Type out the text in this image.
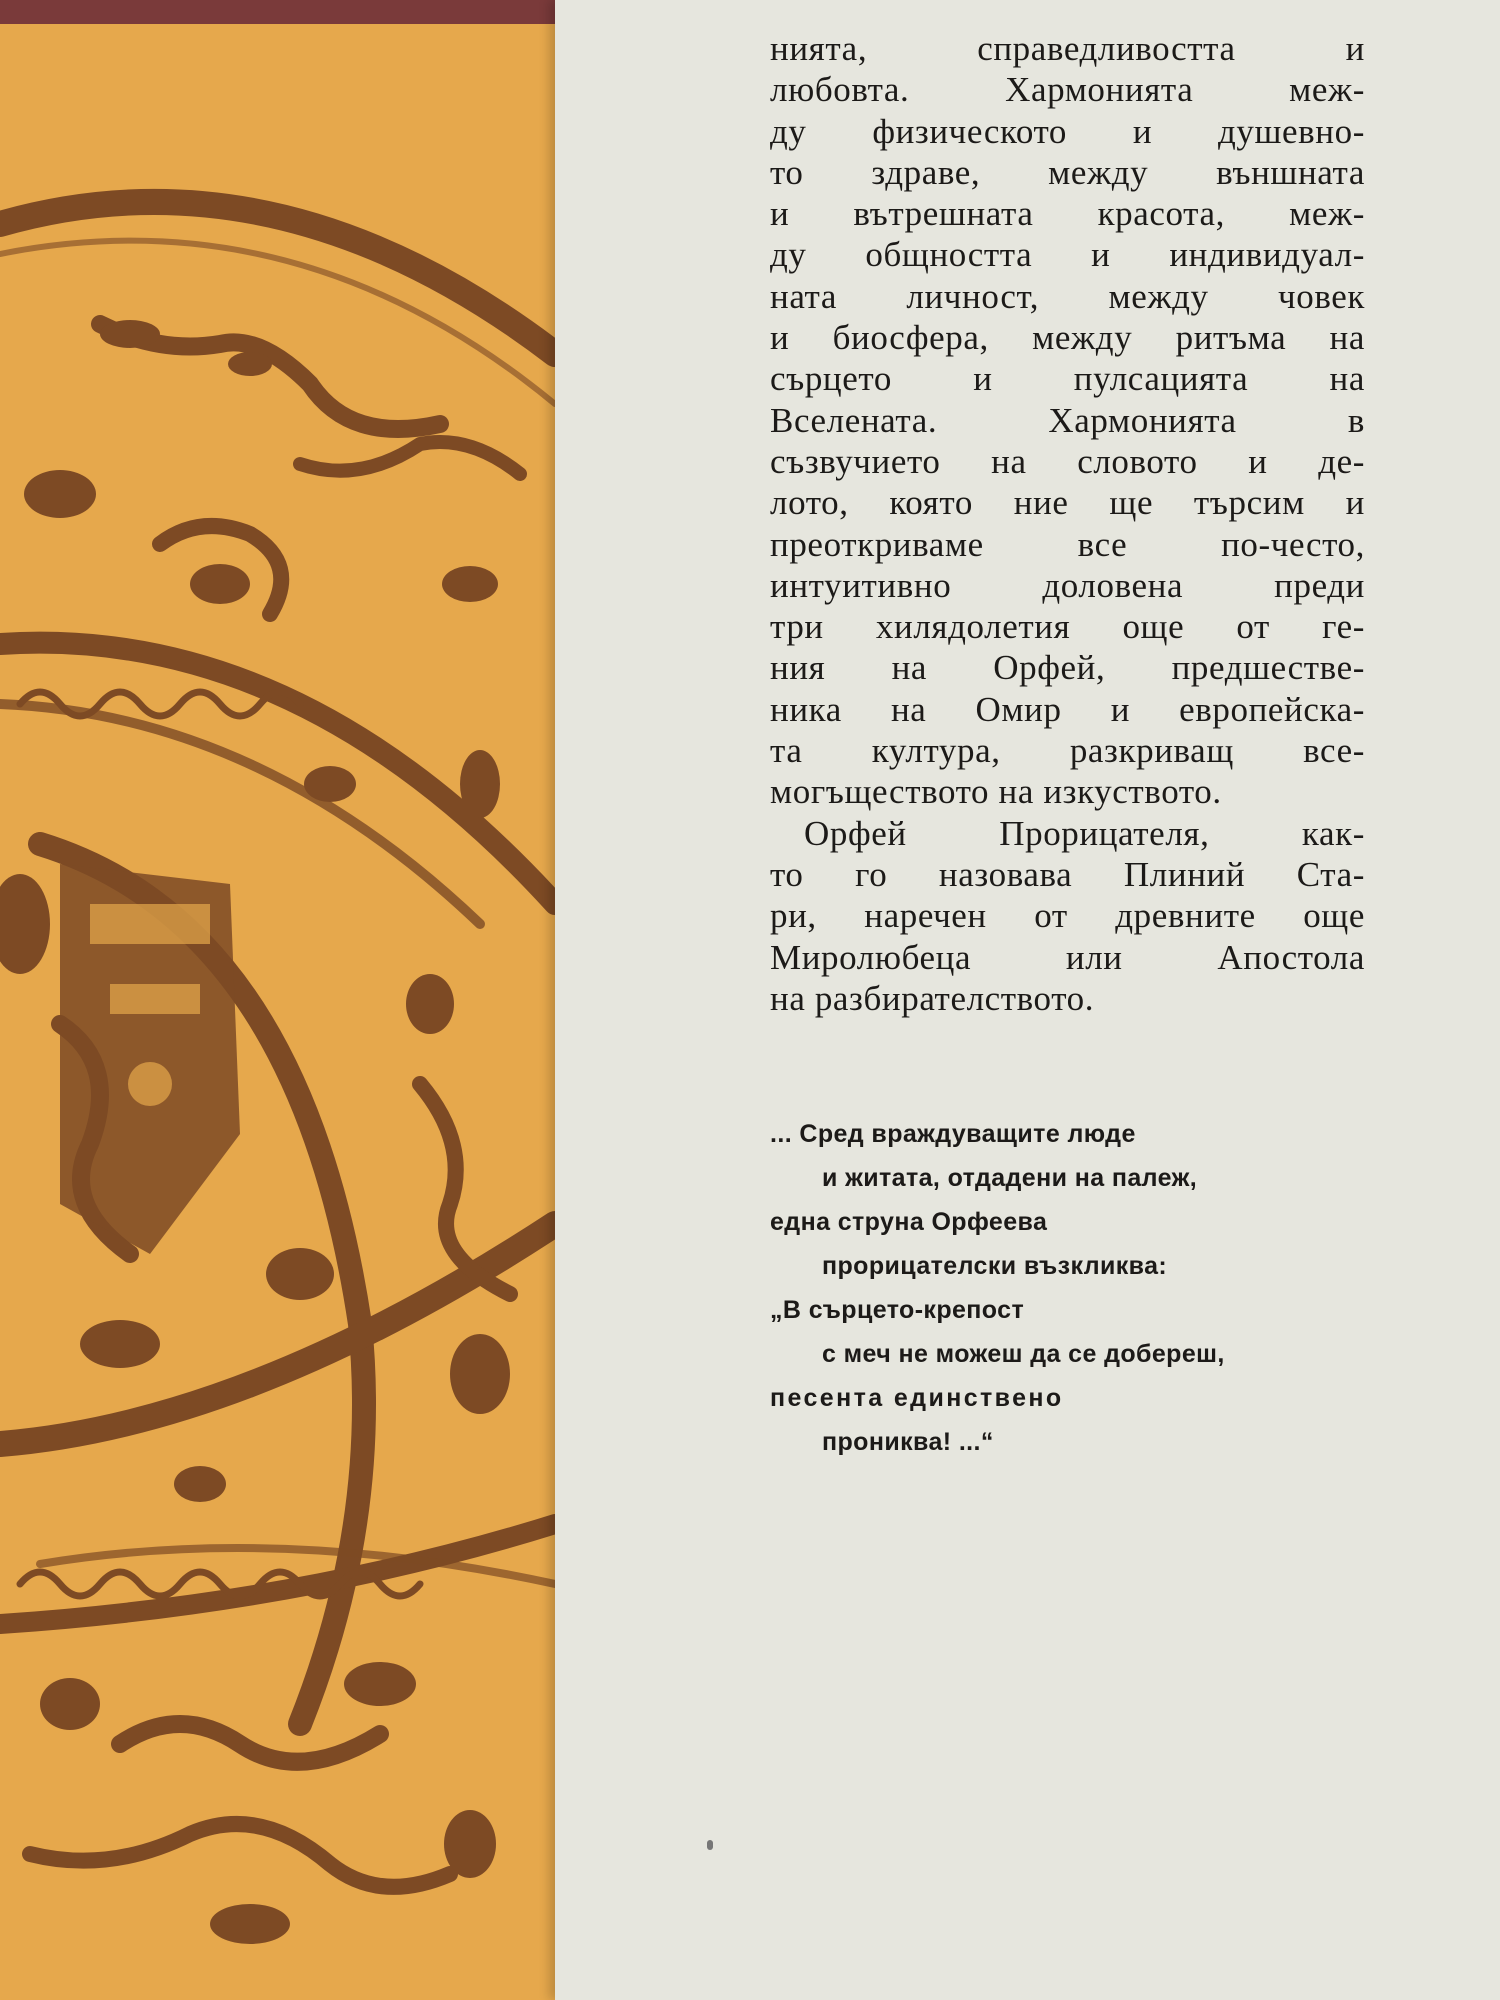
нията, справедливостта и
любовта. Хармонията меж-
ду физическото и душевно-
то здраве, между външната
и вътрешната красота, меж-
ду общността и индивидуал-
ната личност, между човек
и биосфера, между ритъма на
сърцето и пулсацията на
Вселената. Хармонията в
съзвучието на словото и де-
лото, която ние ще търсим и
преоткриваме все по-често,
интуитивно доловена преди
три хилядолетия още от ге-
ния на Орфей, предшестве-
ника на Омир и европейска-
та култура, разкриващ все-
могъществото на изкуството.
Орфей Прорицателя, как-
то го назовава Плиний Ста-
ри, наречен от древните още
Миролюбеца или Апостола
на разбирателството.
... Сред враждуващите люде
и житата, отдадени на палеж,
една струна Орфеева
прорицателски възкликва:
„В сърцето-крепост
с меч не можеш да се добереш,
песента единствено
прониква! ...“
